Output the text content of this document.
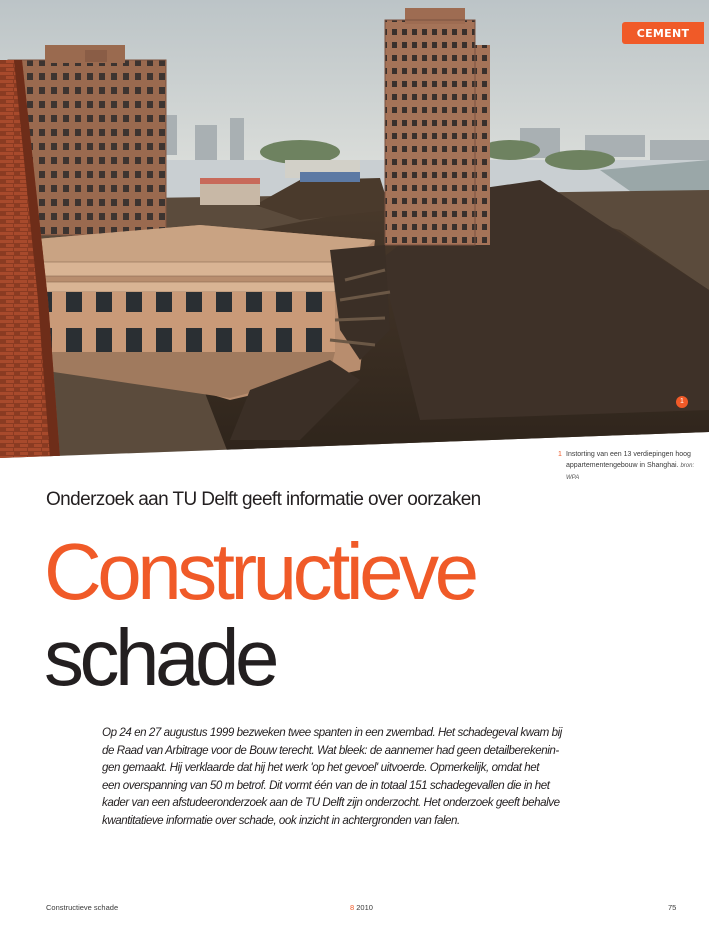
CEMENT
1
1 Instorting van een 13 verdiepingen hoog appartementengebouw in Shanghai. bron: WPA
Onderzoek aan TU Delft geeft informatie over oorzaken
Constructieve
schade
Op 24 en 27 augustus 1999 bezweken twee spanten in een zwembad. Het schadegeval kwam bij
de Raad van Arbitrage voor de Bouw terecht. Wat bleek: de aannemer had geen detailberekenin-
gen gemaakt. Hij verklaarde dat hij het werk 'op het gevoel' uitvoerde. Opmerkelijk, omdat het
een overspanning van 50 m betrof. Dit vormt één van de in totaal 151 schadegevallen die in het
kader van een afstudeeronderzoek aan de TU Delft zijn onderzocht. Het onderzoek geeft behalve
kwantitatieve informatie over schade, ook inzicht in achtergronden van falen.
Constructieve schade	8 2010	75
